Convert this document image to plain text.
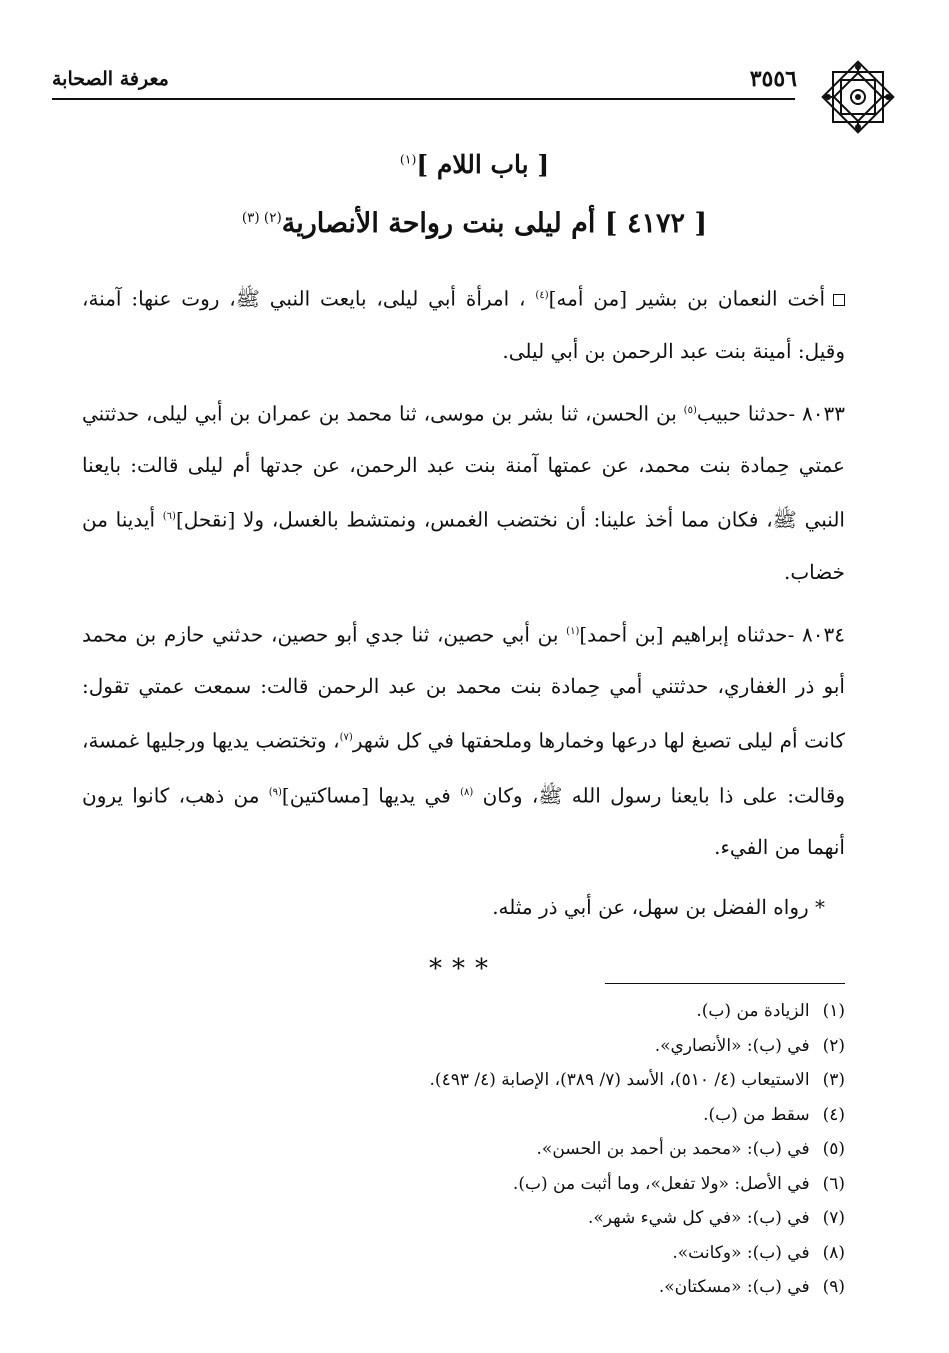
٣٥٥٦
معرفة الصحابة
[ باب اللام ]$^{(١)}$
[ ٤١٧٢ ] أم ليلى بنت رواحة الأنصارية$^{(٢) (٣)}$

أخت النعمان بن بشير [من أمه]$^{(٤)}$ ، امرأة أبي ليلى، بايعت النبي ﷺ، روت عنها: آمنة، وقيل: أمينة بنت عبد الرحمن بن أبي ليلى.

٨٠٣٣ -حدثنا حبيب$^{(٥)}$ بن الحسن، ثنا بشر بن موسى، ثنا محمد بن عمران بن أبي ليلى، حدثتني عمتي حِمادة بنت محمد، عن عمتها آمنة بنت عبد الرحمن، عن جدتها أم ليلى قالت: بايعنا النبي ﷺ، فكان مما أخذ علينا: أن نختضب الغمس، ونمتشط بالغسل، ولا [نقحل]$^{(٦)}$ أيدينا من خضاب.

٨٠٣٤ -حدثناه إبراهيم [بن أحمد]$^{(١)}$ بن أبي حصين، ثنا جدي أبو حصين، حدثني حازم بن محمد أبو ذر الغفاري، حدثتني أمي حِمادة بنت محمد بن عبد الرحمن قالت: سمعت عمتي تقول: كانت أم ليلى تصبغ لها درعها وخمارها وملحفتها في كل شهر$^{(٧)}$، وتختضب يديها ورجليها غمسة، وقالت: على ذا بايعنا رسول الله ﷺ، وكان $^{(٨)}$ في يديها [مساكتين]$^{(٩)}$ من ذهب، كانوا يرون أنهما من الفيء.

* رواه الفضل بن سهل، عن أبي ذر مثله.

***

(١) الزيادة من (ب).

(٢) في (ب): «الأنصاري».

(٣) الاستيعاب (٤/ ٥١٠)، الأسد (٧/ ٣٨٩)، الإصابة (٤/ ٤٩٣).

(٤) سقط من (ب).

(٥) في (ب): «محمد بن أحمد بن الحسن».

(٦) في الأصل: «ولا تفعل»، وما أثبت من (ب).

(٧) في (ب): «في كل شيء شهر».

(٨) في (ب): «وكانت».

(٩) في (ب): «مسكتان».
